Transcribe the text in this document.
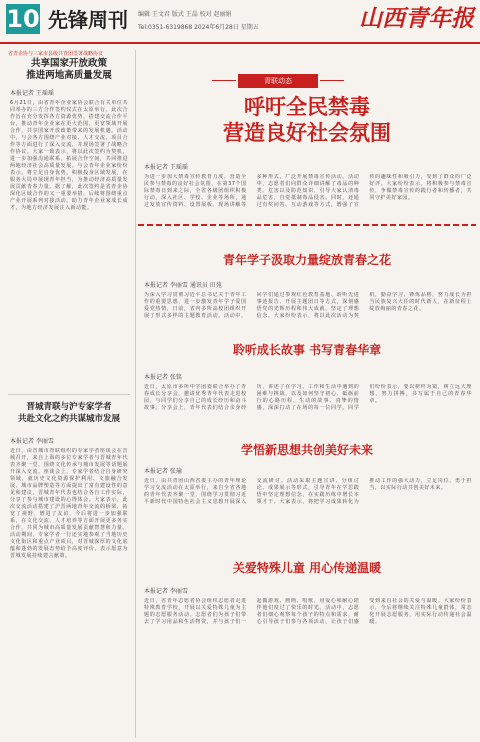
10 先锋周刊 编辑 王文君 版式 王晶 校对 赵丽娟
Tel:0351-6319868 2024年6月28日 星期五	山西青年报
省青企协与三家市县级共青团签署战略协议
共享国家开放政策
推进两地高质量发展
本报记者 王瑶瑶
6月21日，由省青年企业家协会联合有关单位共同举办的三方合作签约仪式在太原举行。此次合作旨在充分发挥各方资源优势，搭建交流合作平台，推动青年企业家在更大范围、更宽领域开展合作，共享国家开放政策带来的发展机遇。活动中，与会各方围绕产业对接、人才交流、项目合作等方面进行了深入交流，并现场签署了战略合作协议。大家一致表示，将以此次签约为契机，进一步加强沟通联系，拓展合作空间，共同推进两地经济社会高质量发展。与会青年企业家纷纷表示，将立足自身优势，积极投身区域发展，在服务大局中展现青年担当，为推动经济高质量发展贡献青春力量。据了解，此次签约是省青企协深化区域合作的又一重要举措，后续将围绕重点产业开展系列对接活动，助力青年企业家成长成才，为地方经济发展注入新动能。
晋城青联与沪专家学者
共赴文化之约共谋城市发展
本报记者 李丽雪
近日，由晋城市青联组织的专家学者座谈会在晋城召开，来自上海的多位专家学者与晋城青年代表齐聚一堂，围绕文化传承与城市发展等话题展开深入交流。座谈会上，专家学者结合自身研究领域，就历史文化资源保护利用、文旅融合发展、城市品牌塑造等方面提出了富有建设性的意见和建议。晋城青年代表也结合各自工作实际，分享了参与城市建设的心得体会。大家表示，此次交流活动搭建了沪晋两地青年交流的桥梁，拓宽了视野，增进了友谊，今后将进一步加强联系，在文化交流、人才培养等方面开展更多务实合作，共同为城市高质量发展贡献智慧和力量。活动期间，专家学者一行还实地参观了当地历史文化街区和重点产业项目，对晋城深厚的文化底蕴和蓬勃的发展态势给予高度评价，表示愿意为晋城发展持续建言献策。
青联动态
呼吁全民禁毒
营造良好社会氛围
本报记者 王瑶瑶
为进一步加大禁毒宣传教育力度，营造全民参与禁毒的良好社会氛围，在第37个国际禁毒日到来之际，全省各级团组织积极行动，深入社区、学校、企业等场所，通过发放宣传资料、设置展板、现场讲解等多种形式，广泛开展禁毒宣传活动。活动中，志愿者们向群众详细讲解了毒品的种类、危害以及防范知识，引导大家认清毒品危害，自觉抵制毒品侵害。同时，还通过有奖问答、互动游戏等方式，增强了宣传的趣味性和吸引力，受到了群众的广泛好评。大家纷纷表示，将积极参与禁毒宣传，争做禁毒宣传的践行者和传播者，共同守护美好家园。
青年学子汲取力量绽放青春之花
本报记者 李丽雪 通讯员 田苑
为深入学习贯彻习近平总书记关于青年工作的重要思想，进一步激发青年学子爱国爱党热情，日前，省内多所高校团组织开展了形式多样的主题教育活动。活动中，同学们通过参观红色教育基地、聆听先进事迹报告、开展主题团日等方式，深刻感悟党的光辉历程和伟大成就，坚定了理想信念。大家纷纷表示，将以此次活动为契机，勤奋学习、锤炼品格，努力成长为担当民族复兴大任的时代新人，在新征程上绽放绚丽的青春之花。
聆听成长故事 书写青春华章
本报记者 张铭
近日，太原市多所中学团委联合举办了青春成长分享会，邀请优秀青年代表走进校园，与同学们分享自己的成长经历和奋斗故事。分享会上，青年代表们结合亲身经历，讲述了在学习、工作和生活中遇到的困难与挑战，以及如何坚守初心、砥砺前行的心路历程。生动的故事、真挚的情感，深深打动了在场的每一位同学。同学们纷纷表示，要以榜样为镜，树立远大理想，努力拼搏，书写属于自己的青春华章。
学悟新思想共创美好未来
本报记者 张瑜
近日，由共青团山西省委主办的青年理论学习交流活动在太原举行，来自全省各地的青年代表齐聚一堂，围绕学习贯彻习近平新时代中国特色社会主义思想开展深入交流研讨。活动采取主题宣讲、分组讨论、成果展示等形式，引导青年在学思践悟中坚定理想信念，在实践历练中增长本领才干。大家表示，将把学习成果转化为推动工作的强大动力，立足岗位、勇于担当，以实际行动共创美好未来。
关爱特殊儿童 用心传递温暖
本报记者 李丽雪
近日，省青年志愿者协会组织志愿者走进特殊教育学校，开展以关爱特殊儿童为主题的志愿服务活动。志愿者们为孩子们带去了学习用品和生活物资，并与孩子们一起做游戏、画画、唱歌，用爱心和耐心陪伴他们度过了快乐的时光。活动中，志愿者们细心观察每个孩子的特点和需求，耐心引导孩子们参与各项活动，让孩子们感受到来自社会的关爱与温暖。大家纷纷表示，今后将继续关注特殊儿童群体，常态化开展志愿服务，用实际行动传递社会温暖。
